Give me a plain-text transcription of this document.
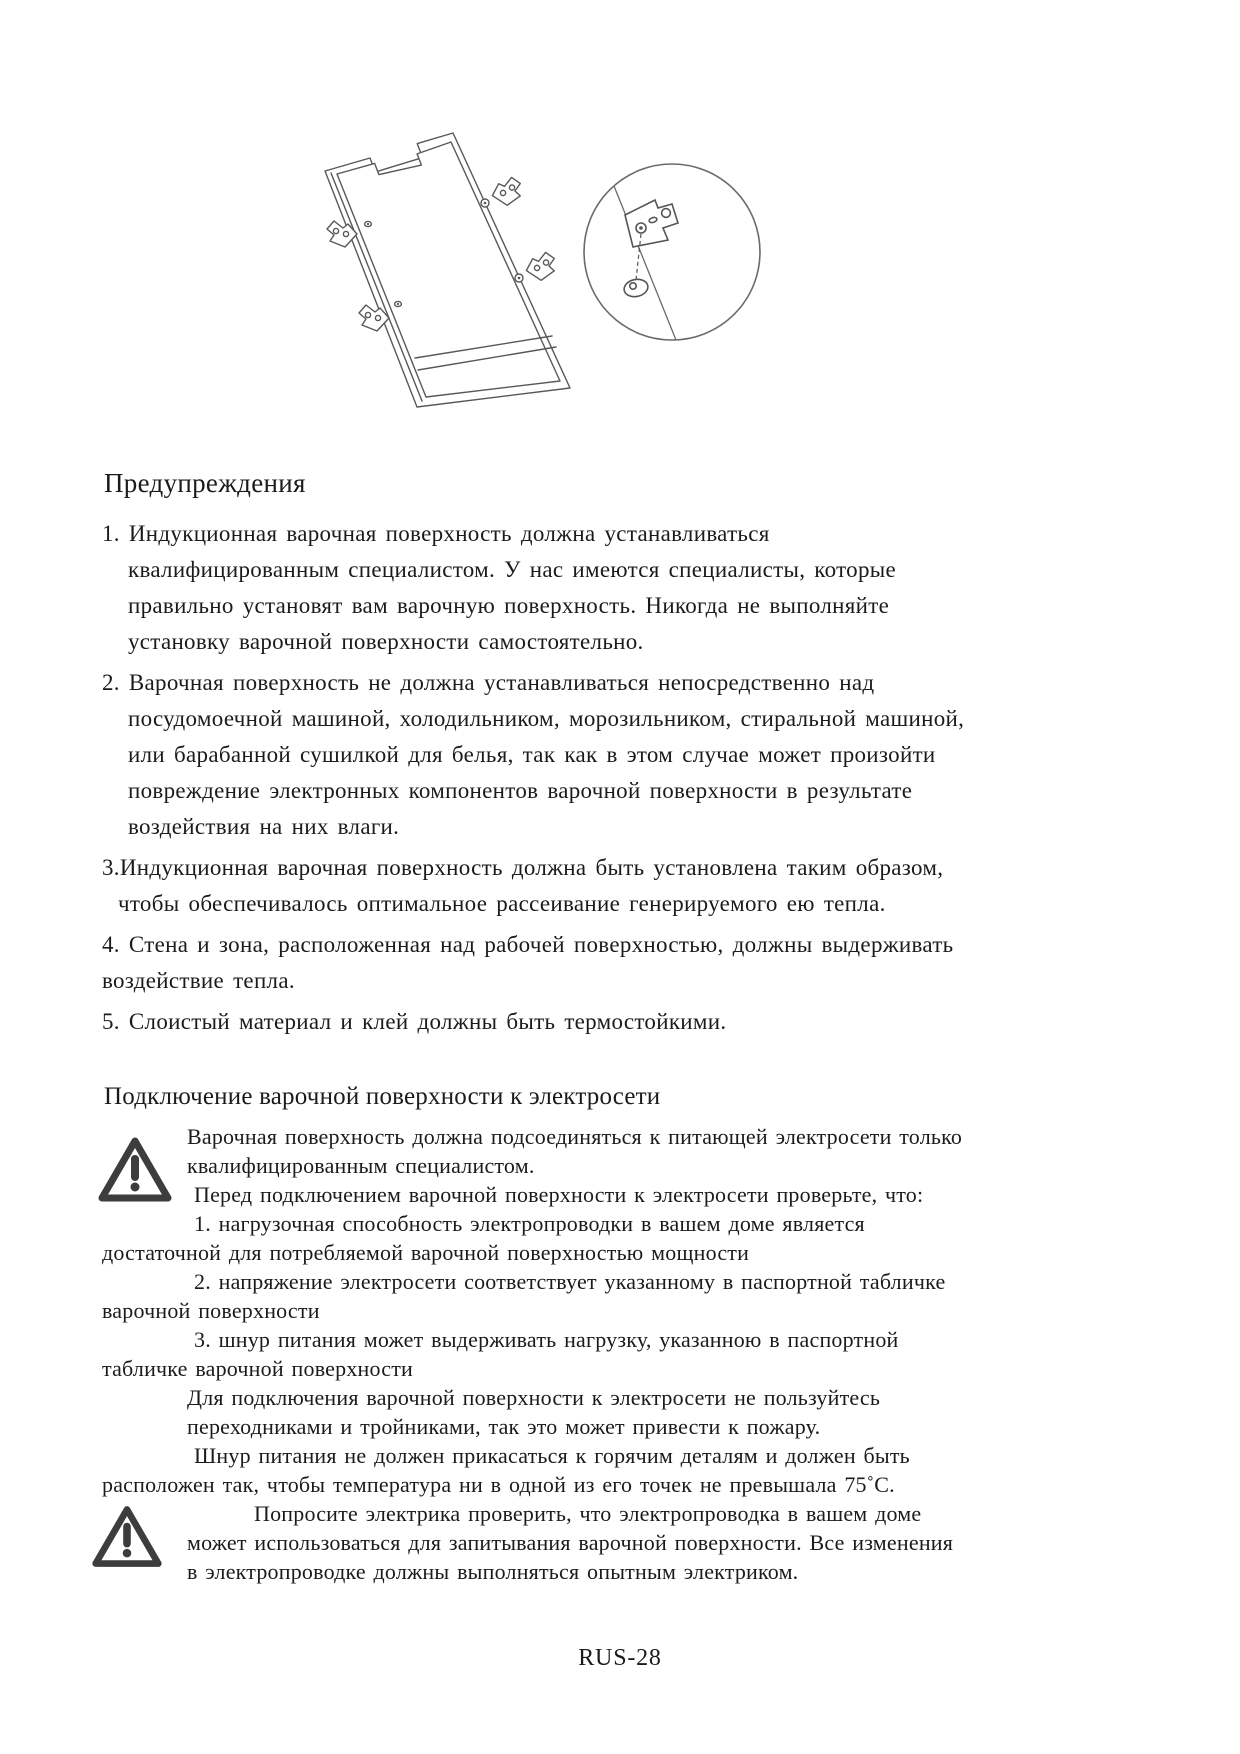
Предупреждения
1. Индукционная варочная поверхность должна устанавливаться
квалифицированным специалистом. У нас имеются специалисты, которые
правильно установят вам варочную поверхность. Никогда не выполняйте
установку варочной поверхности самостоятельно.
2. Варочная поверхность не должна устанавливаться непосредственно над
посудомоечной машиной, холодильником, морозильником, стиральной машиной,
или барабанной сушилкой для белья, так как в этом случае может произойти
повреждение электронных компонентов варочной поверхности в результате
воздействия на них влаги.
3.Индукционная варочная поверхность должна быть установлена таким образом,
чтобы обеспечивалось оптимальное рассеивание генерируемого ею тепла.
4. Стена и зона, расположенная над рабочей поверхностью, должны выдерживать
воздействие тепла.
5. Слоистый материал и клей должны быть термостойкими.
Подключение варочной поверхности к электросети
Варочная поверхность должна подсоединяться к питающей электросети только
квалифицированным специалистом.
Перед подключением варочной поверхности к электросети проверьте, что:
1. нагрузочная способность электропроводки в вашем доме является
достаточной для потребляемой варочной поверхностью мощности
2. напряжение электросети соответствует указанному в паспортной табличке
варочной поверхности
3. шнур питания может выдерживать нагрузку, указанною в паспортной
табличке варочной поверхности
Для подключения варочной поверхности к электросети не пользуйтесь
переходниками и тройниками, так это может привести к пожару.
Шнур питания не должен прикасаться к горячим деталям и должен быть
расположен так, чтобы температура ни в одной из его точек не превышала 75˚С.
Попросите электрика проверить, что электропроводка в вашем доме
может использоваться для запитывания варочной поверхности. Все изменения
в электропроводке должны выполняться опытным электриком.
RUS-28
